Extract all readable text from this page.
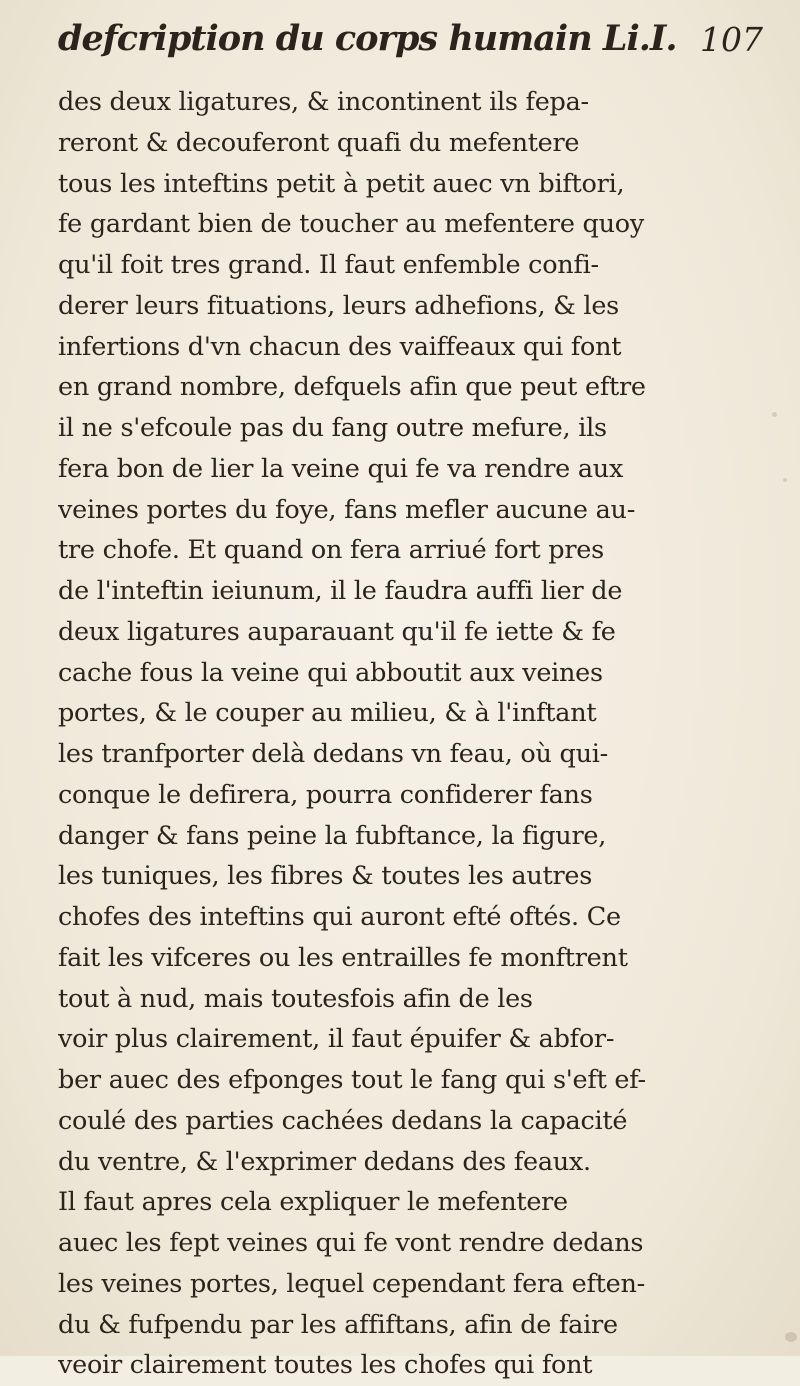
defcription du corps humain Li.I. 107
des deux ligatures, & incontinent ils fepa-
reront & decouferont quafi du mefentere
tous les inteftins petit à petit auec vn biftori,
fe gardant bien de toucher au mefentere quoy
qu'il foit tres grand. Il faut enfemble confi-
derer leurs fituations, leurs adhefions, & les
infertions d'vn chacun des vaiffeaux qui font
en grand nombre, defquels afin que peut eftre
il ne s'efcoule pas du fang outre mefure, ils
fera bon de lier la veine qui fe va rendre aux
veines portes du foye, fans mefler aucune au-
tre chofe. Et quand on fera arriué fort pres
de l'inteftin ieiunum, il le faudra auffi lier de
deux ligatures auparauant qu'il fe iette & fe
cache fous la veine qui abboutit aux veines
portes, & le couper au milieu, & à l'inftant
les tranfporter delà dedans vn feau, où qui-
conque le defirera, pourra confiderer fans
danger & fans peine la fubftance, la figure,
les tuniques, les fibres & toutes les autres
chofes des inteftins qui auront efté oftés. Ce
fait les vifceres ou les entrailles fe monftrent
tout à nud, mais toutesfois afin de les
voir plus clairement, il faut épuifer & abfor-
ber auec des efponges tout le fang qui s'eft ef-
coulé des parties cachées dedans la capacité
du ventre, & l'exprimer dedans des feaux.
Il faut apres cela expliquer le mefentere
auec les fept veines qui fe vont rendre dedans
les veines portes, lequel cependant fera eften-
du & fufpendu par les affiftans, afin de faire
veoir clairement toutes les chofes qui font
